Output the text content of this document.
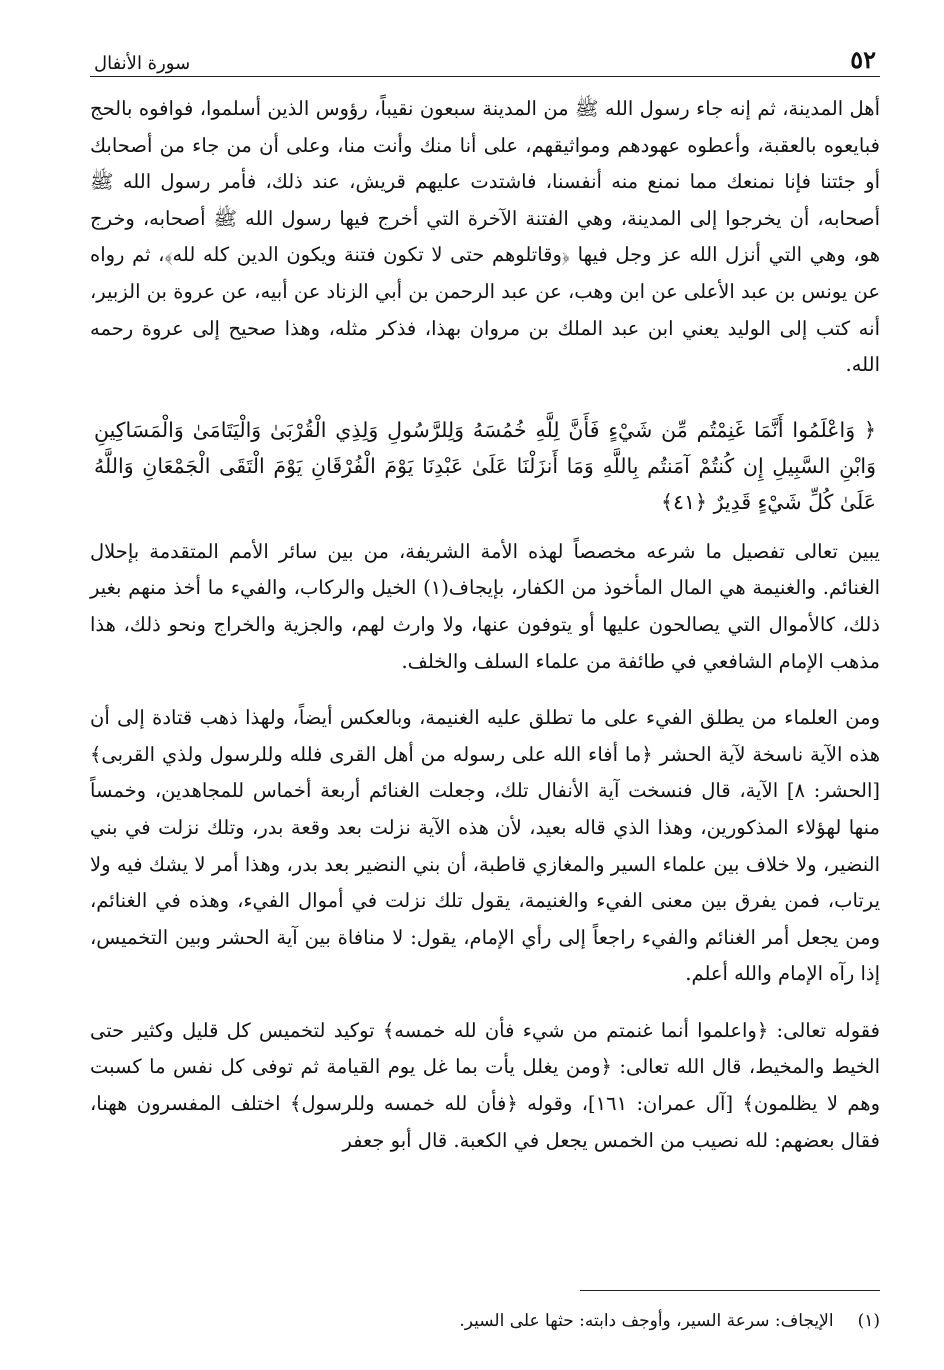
٥٢
سورة الأنفال

أهل المدينة، ثم إنه جاء رسول الله ﷺ من المدينة سبعون نقيباً، رؤوس الذين أسلموا، فوافوه بالحج فبايعوه بالعقبة، وأعطوه عهودهم ومواثيقهم، على أنا منك وأنت منا، وعلى أن من جاء من أصحابك أو جئتنا فإنا نمنعك مما نمنع منه أنفسنا، فاشتدت عليهم قريش، عند ذلك، فأمر رسول الله ﷺ أصحابه، أن يخرجوا إلى المدينة، وهي الفتنة الآخرة التي أخرج فيها رسول الله ﷺ أصحابه، وخرج هو، وهي التي أنزل الله عز وجل فيها ﴿وقاتلوهم حتى لا تكون فتنة ويكون الدين كله لله﴾، ثم رواه عن يونس بن عبد الأعلى عن ابن وهب، عن عبد الرحمن بن أبي الزناد عن أبيه، عن عروة بن الزبير، أنه كتب إلى الوليد يعني ابن عبد الملك بن مروان بهذا، فذكر مثله، وهذا صحيح إلى عروة رحمه الله.

﴿ وَاعْلَمُوا أَنَّمَا غَنِمْتُم مِّن شَيْءٍ فَأَنَّ لِلَّهِ خُمُسَهُ وَلِلرَّسُولِ وَلِذِي الْقُرْبَىٰ وَالْيَتَامَىٰ وَالْمَسَاكِينِ وَابْنِ السَّبِيلِ إِن كُنتُمْ آمَنتُم بِاللَّهِ وَمَا أَنزَلْنَا عَلَىٰ عَبْدِنَا يَوْمَ الْفُرْقَانِ يَوْمَ الْتَقَى الْجَمْعَانِ وَاللَّهُ عَلَىٰ كُلِّ شَيْءٍ قَدِيرٌ ﴿٤١﴾

يبين تعالى تفصيل ما شرعه مخصصاً لهذه الأمة الشريفة، من بين سائر الأمم المتقدمة بإحلال الغنائم. والغنيمة هي المال المأخوذ من الكفار، بإيجاف(١) الخيل والركاب، والفيء ما أخذ منهم بغير ذلك، كالأموال التي يصالحون عليها أو يتوفون عنها، ولا وارث لهم، والجزية والخراج ونحو ذلك، هذا مذهب الإمام الشافعي في طائفة من علماء السلف والخلف.

ومن العلماء من يطلق الفيء على ما تطلق عليه الغنيمة، وبالعكس أيضاً، ولهذا ذهب قتادة إلى أن هذه الآية ناسخة لآية الحشر ﴿ما أفاء الله على رسوله من أهل القرى فلله وللرسول ولذي القربى﴾ [الحشر: ٨] الآية، قال فنسخت آية الأنفال تلك، وجعلت الغنائم أربعة أخماس للمجاهدين، وخمساً منها لهؤلاء المذكورين، وهذا الذي قاله بعيد، لأن هذه الآية نزلت بعد وقعة بدر، وتلك نزلت في بني النضير، ولا خلاف بين علماء السير والمغازي قاطبة، أن بني النضير بعد بدر، وهذا أمر لا يشك فيه ولا يرتاب، فمن يفرق بين معنى الفيء والغنيمة، يقول تلك نزلت في أموال الفيء، وهذه في الغنائم، ومن يجعل أمر الغنائم والفيء راجعاً إلى رأي الإمام، يقول: لا منافاة بين آية الحشر وبين التخميس، إذا رآه الإمام والله أعلم.

فقوله تعالى: ﴿واعلموا أنما غنمتم من شيء فأن لله خمسه﴾ توكيد لتخميس كل قليل وكثير حتى الخيط والمخيط، قال الله تعالى: ﴿ومن يغلل يأت بما غل يوم القيامة ثم توفى كل نفس ما كسبت وهم لا يظلمون﴾ [آل عمران: ١٦١]، وقوله ﴿فأن لله خمسه وللرسول﴾ اختلف المفسرون ههنا، فقال بعضهم: لله نصيب من الخمس يجعل في الكعبة. قال أبو جعفر

(١)
الإيجاف: سرعة السير، وأوجف دابته: حثها على السير.
